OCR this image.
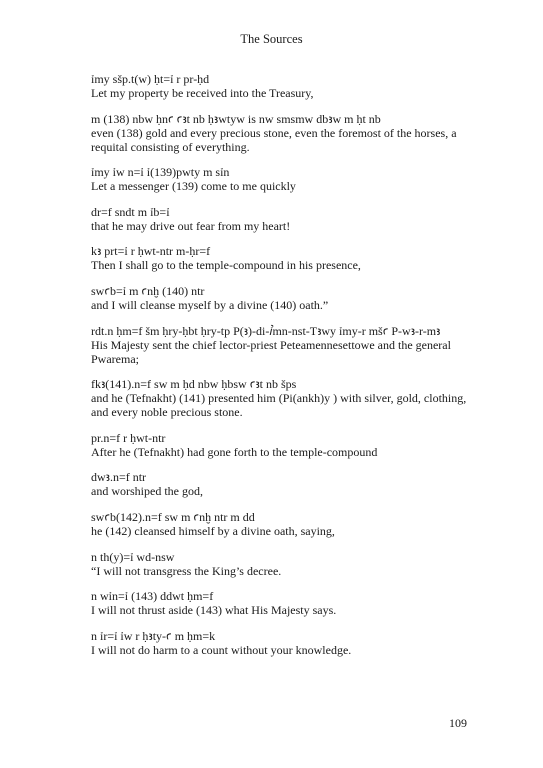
The Sources
ỉmy sšp.t(w) ḥt=ỉ r pr-ḥd
Let my property be received into the Treasury,
m (138) nbw ḥnꜥ ꜥꜣt nb ḥꜣwtyw is nw smsmw dbꜣw m ḥt nb
even (138) gold and every precious stone, even the foremost of the horses, a requital consisting of everything.
ỉmy ỉw n=ỉ ỉ(139)pwty m sỉn
Let a messenger (139) come to me quickly
dr=f sndt m ỉb=ỉ
that he may drive out fear from my heart!
kꜣ prt=ỉ r ḥwt-ntr m-ḥr=f
Then I shall go to the temple-compound in his presence,
swꜥb=ỉ m ꜥnḫ (140) ntr
and I will cleanse myself by a divine (140) oath.”
rdt.n ḥm=f šm ḥry-ḥbt ḥry-tp P(ꜣ)-di-ꞽmn-nst-Tꜣwy ỉmy-r mšꜥ P-wꜣ-r-mꜣ
His Majesty sent the chief lector-priest Peteamennesettowe and the general Pwarema;
fkꜣ(141).n=f sw m ḥd nbw ḥbsw ꜥꜣt nb šps
and he (Tefnakht) (141) presented him (Pi(ankh)y ) with silver, gold, clothing, and every noble precious stone.
pr.n=f r ḥwt-ntr
After he (Tefnakht) had gone forth to the temple-compound
dwꜣ.n=f ntr
and worshiped the god,
swꜥb(142).n=f sw m ꜥnḫ ntr m dd
he (142) cleansed himself by a divine oath, saying,
n th(y)=ỉ wd-nsw
“I will not transgress the King’s decree.
n wỉn=ỉ (143) ddwt ḥm=f
I will not thrust aside (143) what His Majesty says.
n ỉr=ỉ ỉw r ḥꜣty-ꜥ m ḥm=k
I will not do harm to a count without your knowledge.
109
